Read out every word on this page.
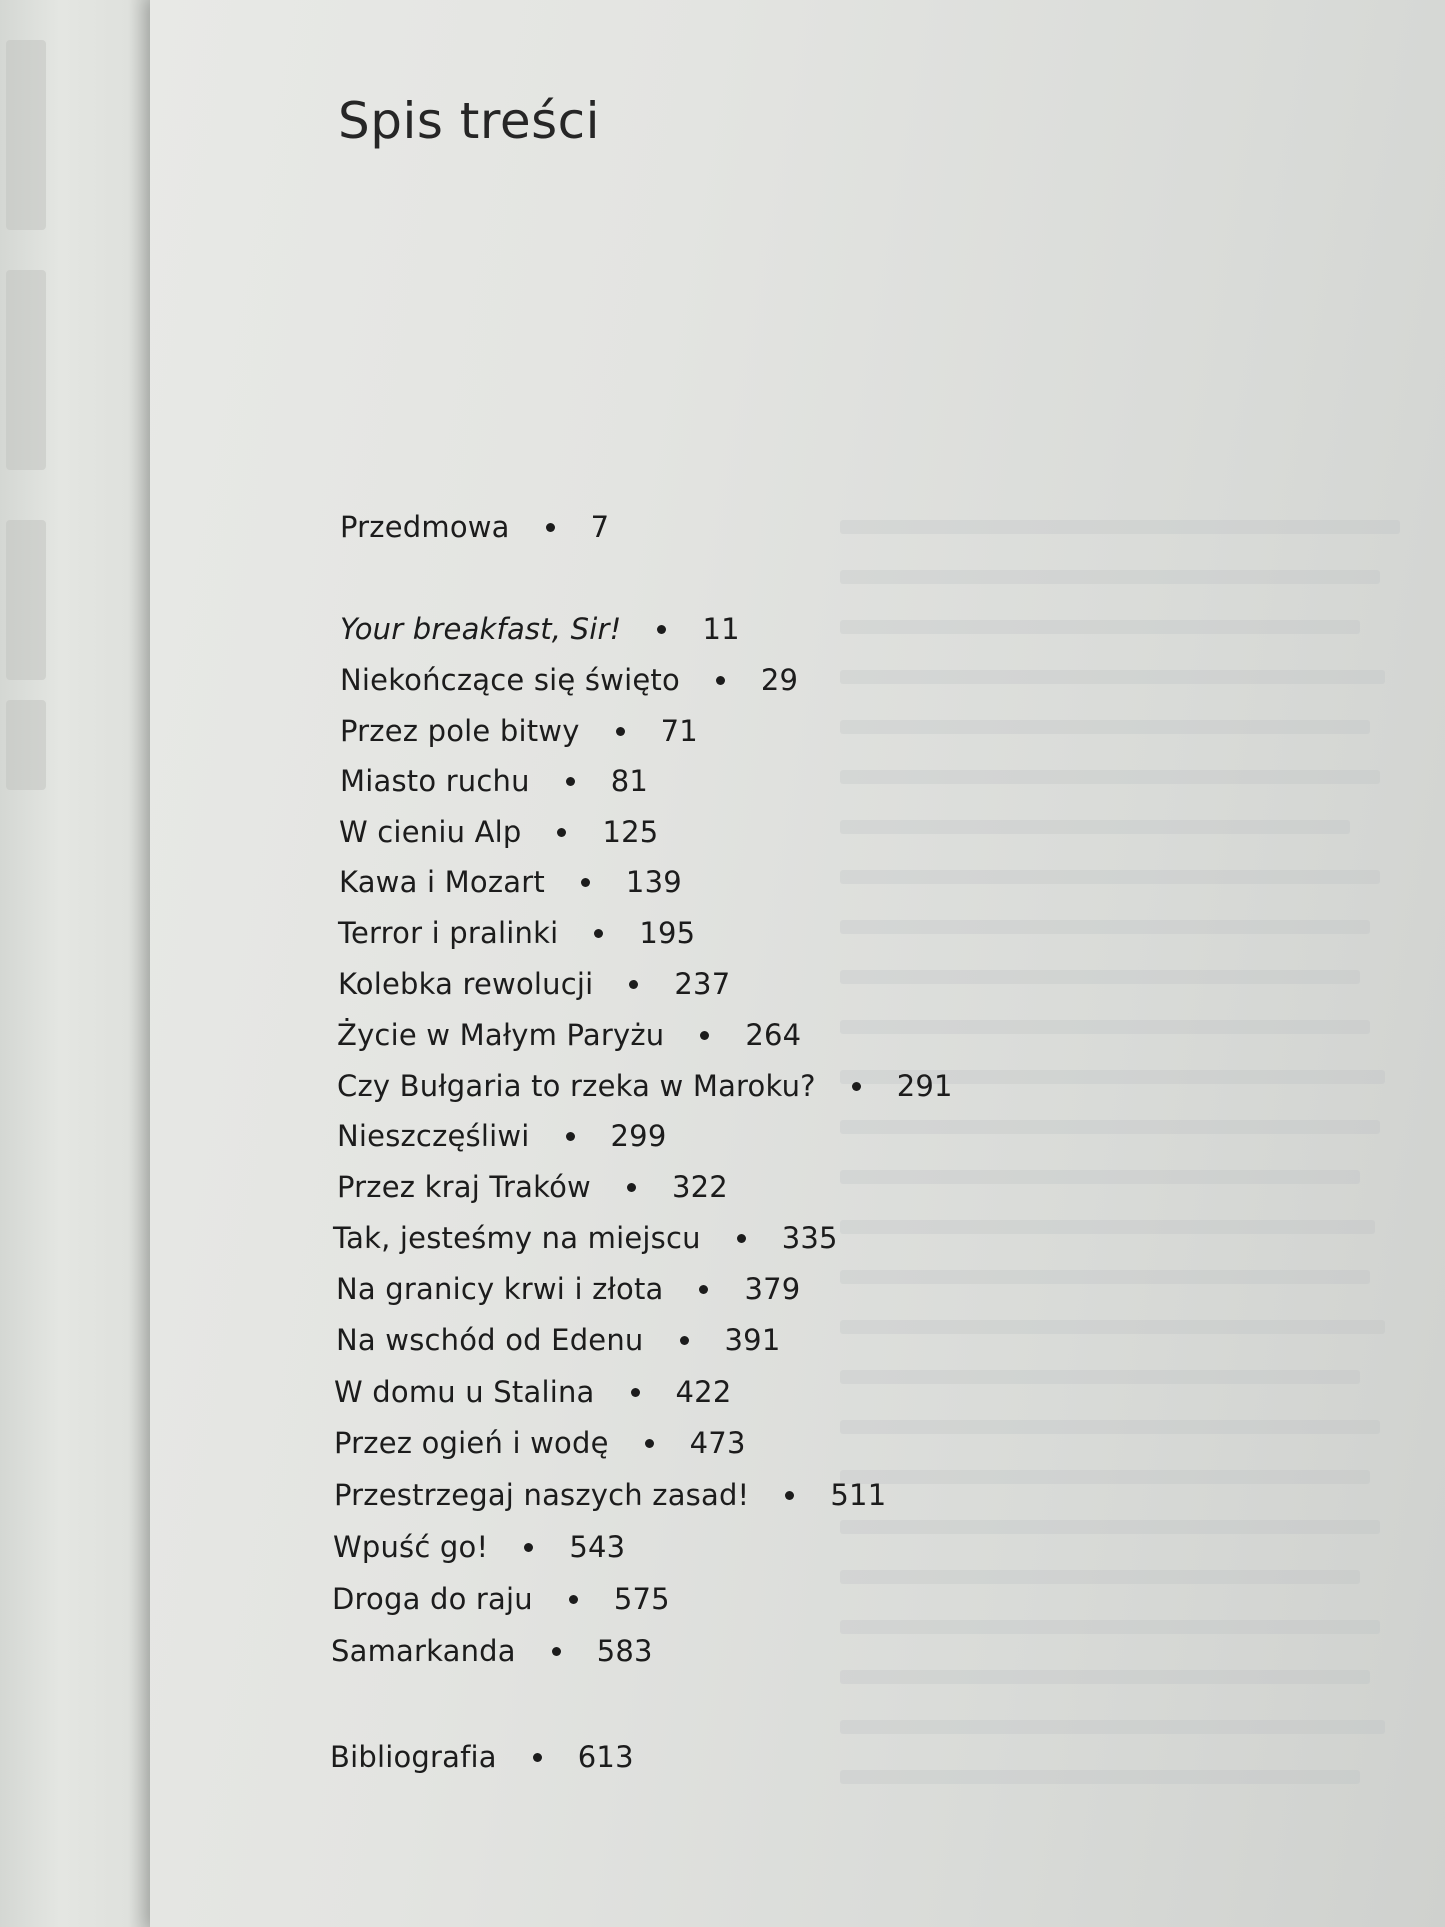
Spis treści
Przedmowa	7
Your breakfast, Sir!	11
Niekończące się święto	29
Przez pole bitwy	71
Miasto ruchu	81
W cieniu Alp	125
Kawa i Mozart	139
Terror i pralinki	195
Kolebka rewolucji	237
Życie w Małym Paryżu	264
Czy Bułgaria to rzeka w Maroku?	291
Nieszczęśliwi	299
Przez kraj Traków	322
Tak, jesteśmy na miejscu	335
Na granicy krwi i złota	379
Na wschód od Edenu	391
W domu u Stalina	422
Przez ogień i wodę	473
Przestrzegaj naszych zasad!	511
Wpuść go!	543
Droga do raju	575
Samarkanda	583
Bibliografia	613
